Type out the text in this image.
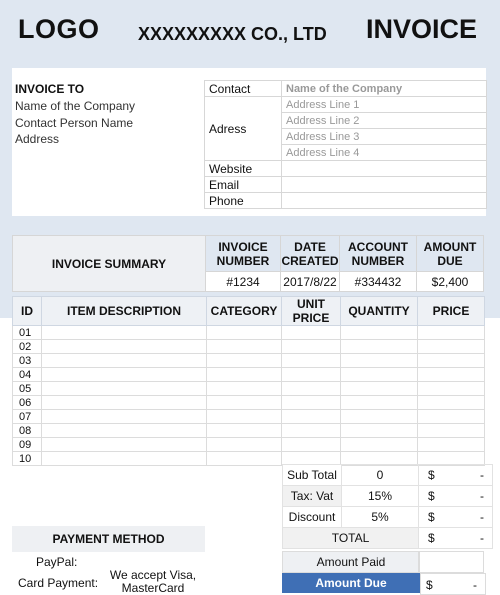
LOGO XXXXXXXXX CO., LTD INVOICE
INVOICE TO
Name of the Company
Contact Person Name
Address
Contact	Name of the Company
Adress	Address Line 1
	Address Line 2
	Address Line 3
	Address Line 4
Website	
Email	
Phone	
INVOICE SUMMARY	INVOICE NUMBER	DATE CREATED	ACCOUNT NUMBER	AMOUNT DUE
	#1234	2017/8/22	#334432	$2,400
ID	ITEM DESCRIPTION	CATEGORY	UNIT PRICE	QUANTITY	PRICE
01					
02					
03					
04					
05					
06					
07					
08					
09					
10					
Sub Total	0	$ -

Tax: Vat	15%	$ -

Discount	5%	$ -

TOTAL		$ -
PAYMENT METHOD
PayPal:
Card Payment:
We accept Visa, MasterCard
Amount Paid
Amount Due	$	-
